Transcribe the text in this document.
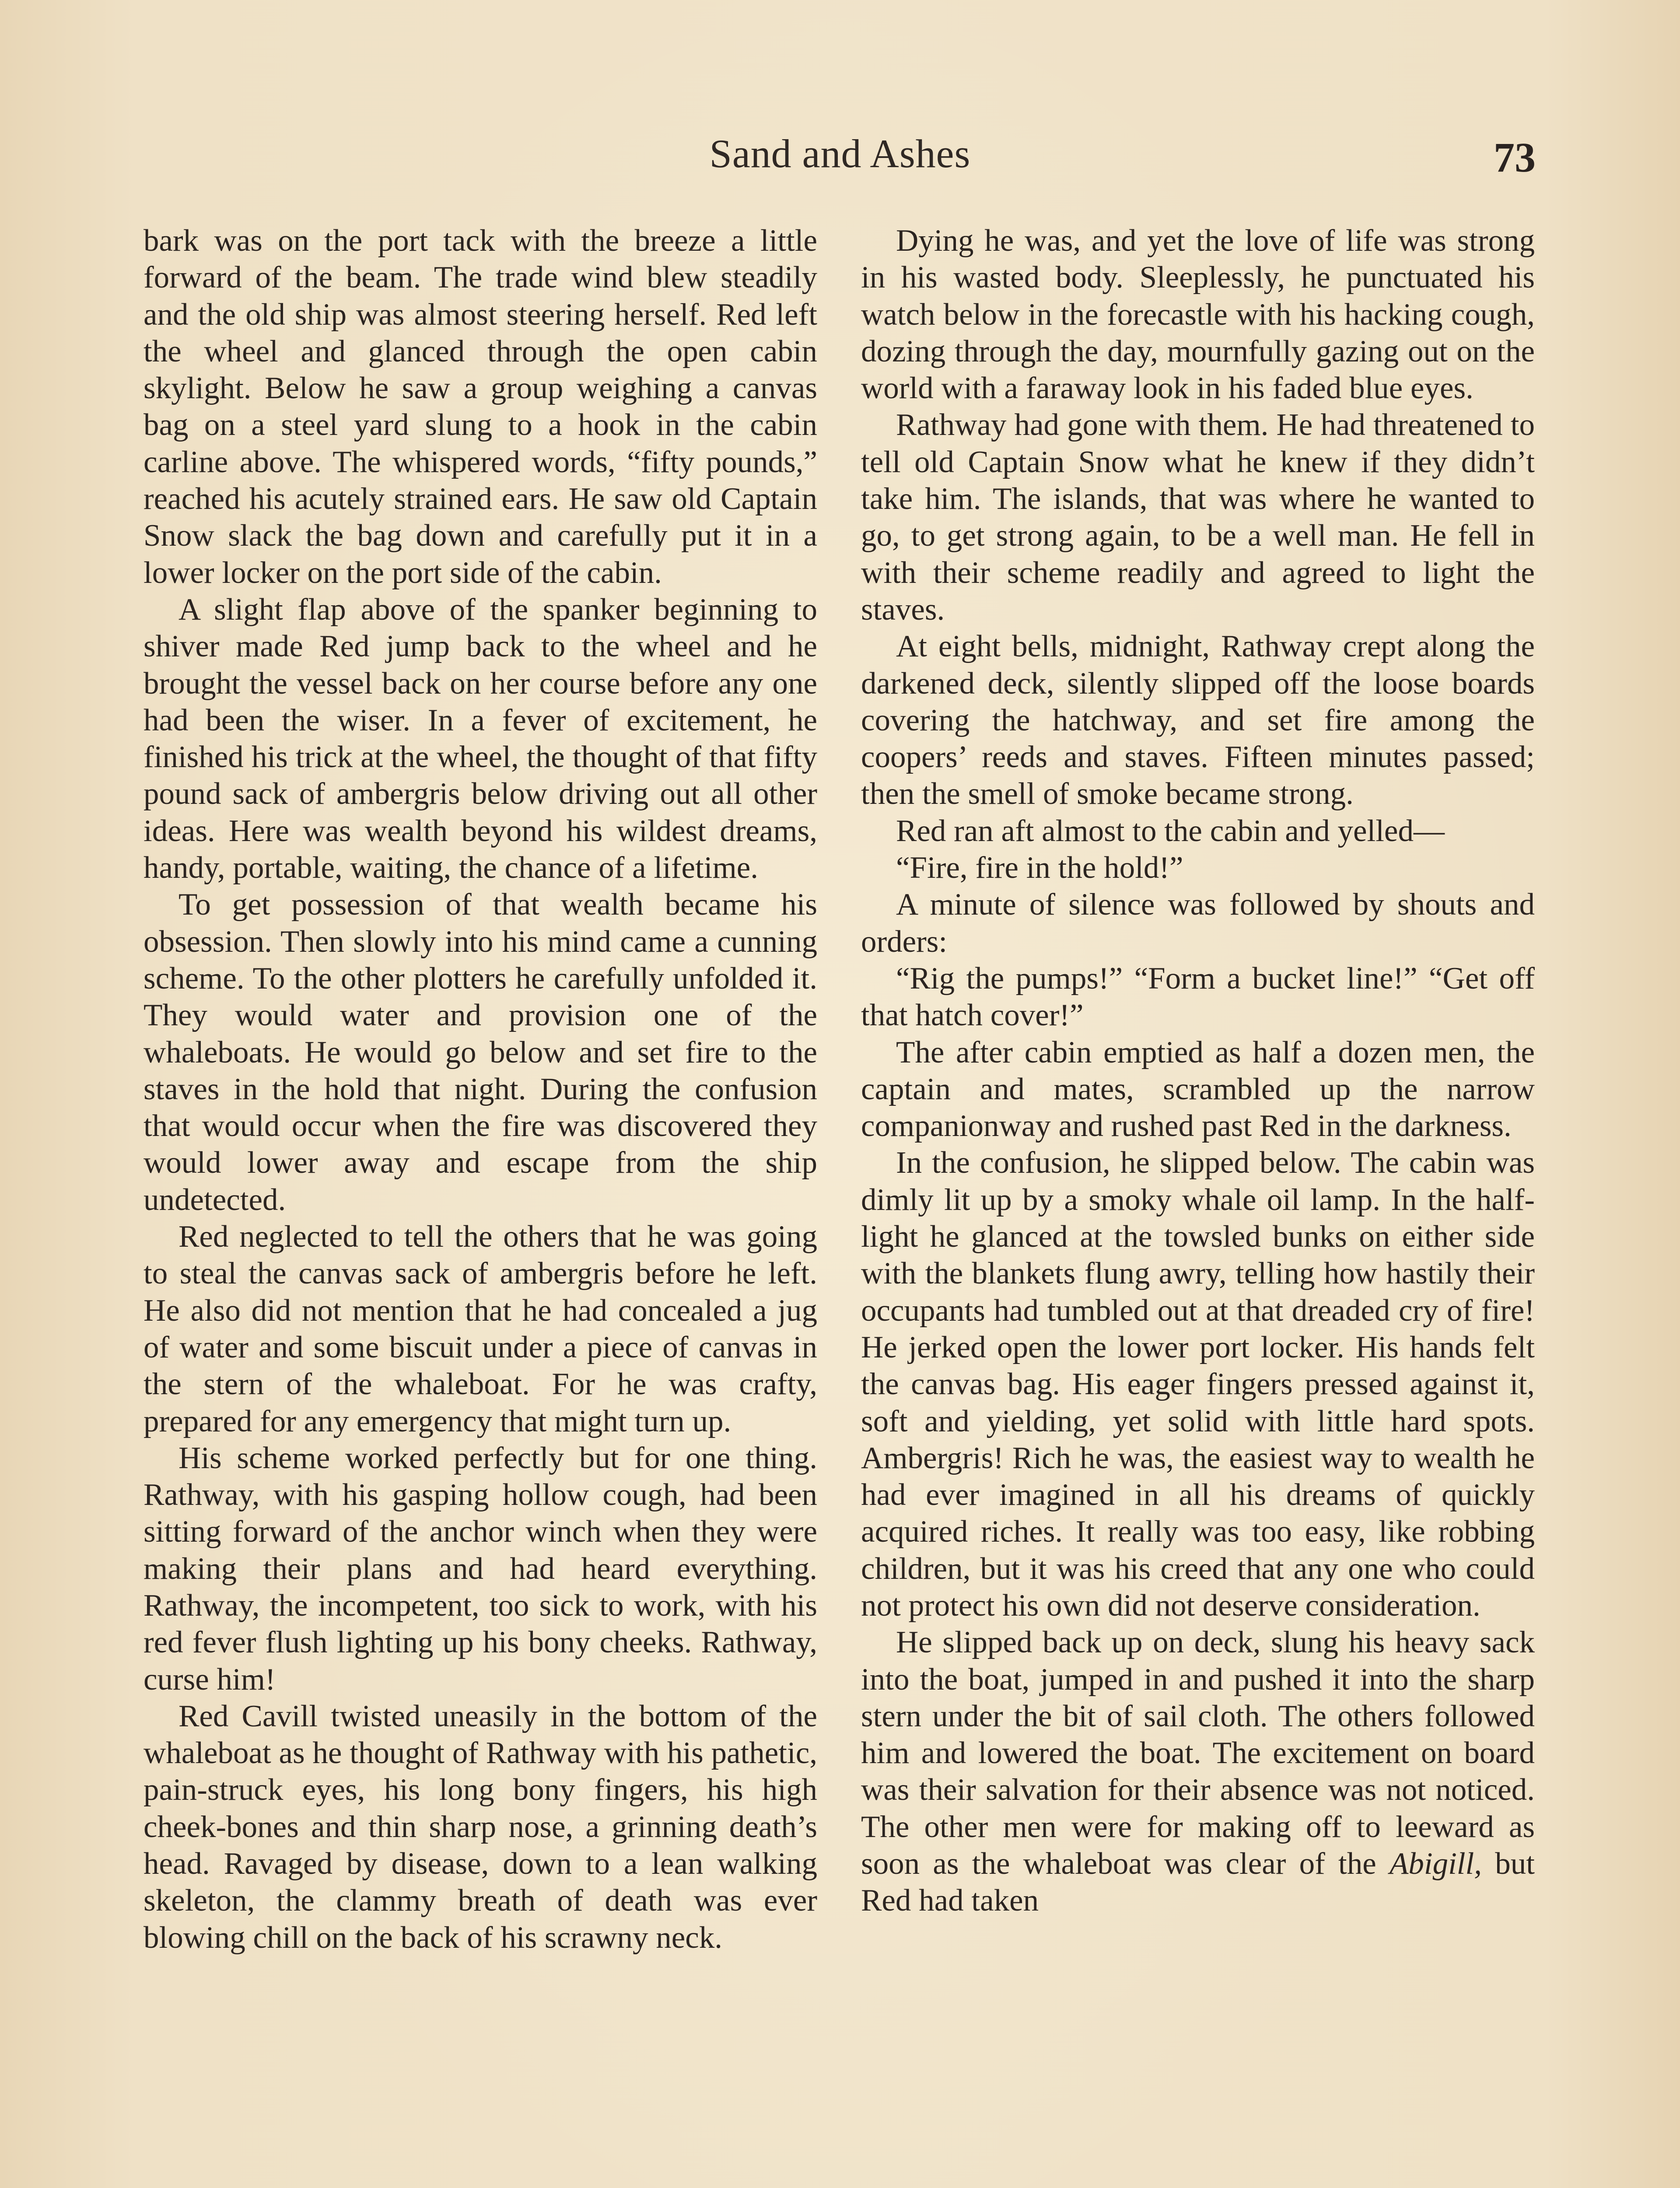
Sand and Ashes	73

bark was on the port tack with the breeze a little forward of the beam. The trade wind blew steadily and the old ship was almost steering herself. Red left the wheel and glanced through the open cabin skylight. Below he saw a group weighing a canvas bag on a steel yard slung to a hook in the cabin carline above. The whispered words, “fifty pounds,” reached his acutely strained ears. He saw old Captain Snow slack the bag down and carefully put it in a lower locker on the port side of the cabin.

A slight flap above of the spanker beginning to shiver made Red jump back to the wheel and he brought the vessel back on her course before any one had been the wiser. In a fever of excitement, he finished his trick at the wheel, the thought of that fifty pound sack of ambergris below driving out all other ideas. Here was wealth beyond his wildest dreams, handy, portable, waiting, the chance of a lifetime.

To get possession of that wealth became his obsession. Then slowly into his mind came a cunning scheme. To the other plotters he carefully unfolded it. They would water and provision one of the whaleboats. He would go below and set fire to the staves in the hold that night. During the confusion that would occur when the fire was discovered they would lower away and escape from the ship undetected.

Red neglected to tell the others that he was going to steal the canvas sack of ambergris before he left. He also did not mention that he had concealed a jug of water and some biscuit under a piece of canvas in the stern of the whaleboat. For he was crafty, prepared for any emergency that might turn up.

His scheme worked perfectly but for one thing. Rathway, with his gasping hollow cough, had been sitting forward of the anchor winch when they were making their plans and had heard everything. Rathway, the incompetent, too sick to work, with his red fever flush lighting up his bony cheeks. Rathway, curse him!

Red Cavill twisted uneasily in the bottom of the whaleboat as he thought of Rathway with his pathetic, pain-struck eyes, his long bony fingers, his high cheek-bones and thin sharp nose, a grinning death’s head. Ravaged by disease, down to a lean walking skeleton, the clammy breath of death was ever blowing chill on the back of his scrawny neck.

Dying he was, and yet the love of life was strong in his wasted body. Sleeplessly, he punctuated his watch below in the forecastle with his hacking cough, dozing through the day, mournfully gazing out on the world with a faraway look in his faded blue eyes.

Rathway had gone with them. He had threatened to tell old Captain Snow what he knew if they didn’t take him. The islands, that was where he wanted to go, to get strong again, to be a well man. He fell in with their scheme readily and agreed to light the staves.

At eight bells, midnight, Rathway crept along the darkened deck, silently slipped off the loose boards covering the hatchway, and set fire among the coopers’ reeds and staves. Fifteen minutes passed; then the smell of smoke became strong.

Red ran aft almost to the cabin and yelled—

“Fire, fire in the hold!”

A minute of silence was followed by shouts and orders:

“Rig the pumps!” “Form a bucket line!” “Get off that hatch cover!”

The after cabin emptied as half a dozen men, the captain and mates, scrambled up the narrow companionway and rushed past Red in the darkness.

In the confusion, he slipped below. The cabin was dimly lit up by a smoky whale oil lamp. In the half-light he glanced at the towsled bunks on either side with the blankets flung awry, telling how hastily their occupants had tumbled out at that dreaded cry of fire! He jerked open the lower port locker. His hands felt the canvas bag. His eager fingers pressed against it, soft and yielding, yet solid with little hard spots. Ambergris! Rich he was, the easiest way to wealth he had ever imagined in all his dreams of quickly acquired riches. It really was too easy, like robbing children, but it was his creed that any one who could not protect his own did not deserve consideration.

He slipped back up on deck, slung his heavy sack into the boat, jumped in and pushed it into the sharp stern under the bit of sail cloth. The others followed him and lowered the boat. The excitement on board was their salvation for their absence was not noticed. The other men were for making off to leeward as soon as the whaleboat was clear of the Abigill, but Red had taken
